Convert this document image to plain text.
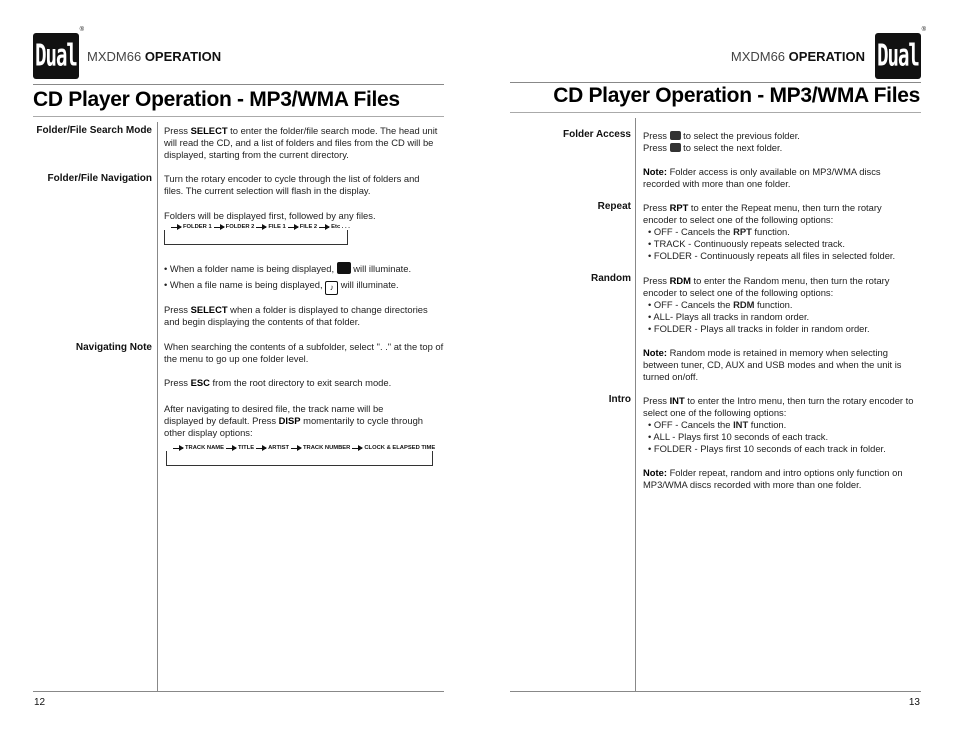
Dual
®
MXDM66 OPERATION
CD Player Operation - MP3/WMA Files
Folder/File Search Mode
Folder/File Navigation
Navigating Note
Press SELECT to enter the folder/file search mode. The head unit will read the CD, and a list of folders and files from the CD will be displayed, starting from the current directory.
Turn the rotary encoder to cycle through the list of folders and files. The current selection will flash in the display.
Folders will be displayed first, followed by any files.
FOLDER 1 FOLDER 2 FILE 1 FILE 2 Etc . . .
• When a folder name is being displayed,  will illuminate.
• When a file name is being displayed, ♪ will illuminate.
Press SELECT when a folder is displayed to change directories and begin displaying the contents of that folder.
When searching the contents of a subfolder, select ". ." at the top of the menu to go up one folder level.
Press ESC from the root directory to exit search mode.
After navigating to desired file, the track name will be displayed by default. Press DISP momentarily to cycle through other display options:
TRACK NAME TITLE ARTIST TRACK NUMBER CLOCK & ELAPSED TIME
12
MXDM66 OPERATION Dual
®
CD Player Operation - MP3/WMA Files
Folder Access
Repeat
Random
Intro
Press  to select the previous folder.
Press  to select the next folder.
Note: Folder access is only available on MP3/WMA discs recorded with more than one folder.
Press RPT to enter the Repeat menu, then turn the rotary encoder to select one of the following options:
• OFF - Cancels the RPT function.
• TRACK - Continuously repeats selected track.
• FOLDER - Continuously repeats all files in selected folder.
Press RDM to enter the Random menu, then turn the rotary encoder to select one of the following options:
• OFF - Cancels the RDM function.
• ALL- Plays all tracks in random order.
• FOLDER - Plays all tracks in folder in random order.
Note: Random mode is retained in memory when selecting between tuner, CD, AUX and USB modes and when the unit is turned on/off.
Press INT to enter the Intro menu, then turn the rotary encoder to select one of the following options:
• OFF - Cancels the INT function.
• ALL - Plays first 10 seconds of each track.
• FOLDER - Plays first 10 seconds of each track in folder.
Note: Folder repeat, random and intro options only function on MP3/WMA discs recorded with more than one folder.
13
